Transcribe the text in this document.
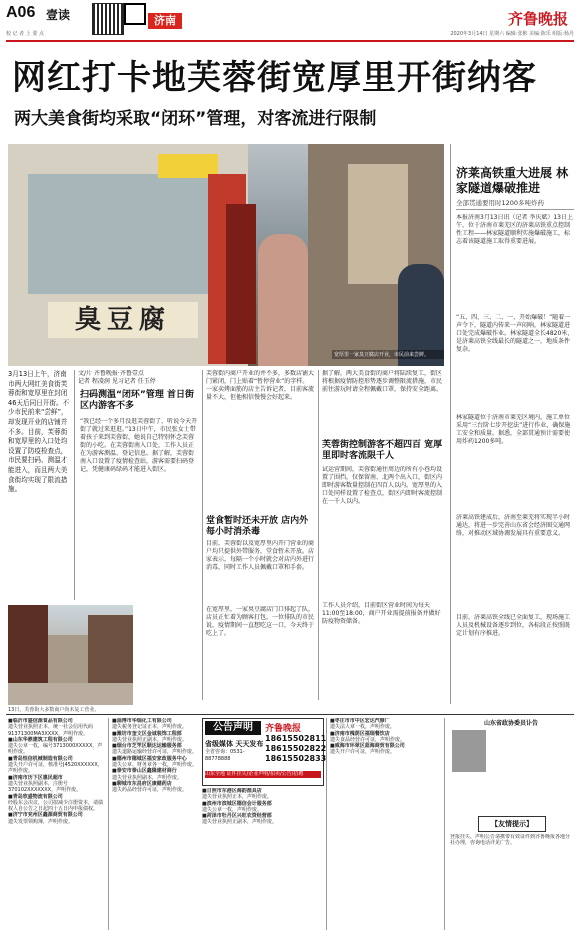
A06 壹读	济南	齐鲁晚报
校 记 者 上 要 点	2020年3月14日 星期六 编辑:张彬 美编:陈乐 组版:杨丹
网红打卡地芙蓉街宽厚里开街纳客
两大美食街均采取“闭环”管理，对客流进行限制

臭豆腐
宽厚里一家臭豆腐店开业，市民前来尝鲜。
3月13日上午，济南市两大网红美食街芙蓉街和宽厚里在封闭46天后同日开街。不少市民前来“尝鲜”，却发现开业的店铺并不多。目前，芙蓉街和宽厚里的入口处均设置了防疫检查点，市民要扫码、测温才能进入，而且两大美食街均实现了限流措施。
13日，芙蓉街大多数商户尚未复工营业。
文/片 齐鲁晚报·齐鲁壹点
记者 程凌润 见习记者 任玉停
扫码测温“闭环”管理 首日街区内游客不多
“我已经一个多月没逛芙蓉街了，听说今天开街了就过来逛逛。”13日中午，市民张女士带着孩子来到芙蓉街，她说自己特别怀念芙蓉街的小吃。在芙蓉街南入口处，工作人员正在为游客测温、登记信息。据了解，芙蓉街南入口设置了疫情检查站，游客需要扫码登记，凭健康码绿码才能进入街区。
芙蓉街内商户开业的并不多，多数店铺大门紧闭，门上贴着“暂停营业”的字样。一家卖烤面筋的店主告诉记者，目前客流量不大，但他相信慢慢会好起来。
堂食暂时还未开放 店内外每小时消杀毒
目前，芙蓉街以及宽厚里内开门营业的商户均只提供外带服务，堂食暂未开放。店家表示，每隔一个小时就会对店内外进行消毒，同时工作人员佩戴口罩和手套。
在宽厚里，一家臭豆腐店门口排起了队，店员正忙着为顾客打包。一位排队的市民说，疫情期间一直想吃这一口，今天终于吃上了。
据了解，两大美食街的商户将陆续复工，街区将根据疫情防控形势逐步调整限流措施，市民前往游玩时请全程佩戴口罩，保持安全距离。
芙蓉街控制游客不超四百 宽厚里即时客流限千人
试运营期间，芙蓉街通往周边的所有小巷均设置了围挡，仅保留南、北两个出入口，街区内即时游客数量控制在四百人以内。宽厚里的入口处同样设置了检查点，街区内即时客流控制在一千人以内。
工作人员介绍，目前街区营业时间为每天11:00至18:00，商户开业需提前报备并做好防疫物资储备。
济莱高铁重大进展 林家隧道爆破推进
全部贯通要用时1200多吨炸药
本报济南3月13日讯（记者 李庆斌）13日上午，位于济南市莱芜区的济莱高铁重点控制性工程——林家隧道顺利实施爆破施工，标志着该隧道施工取得重要进展。
“五、四、三、二、一，开始爆破！”随着一声令下，隧道内传来一声闷响，林家隧道进口处完成爆破作业。林家隧道全长4820米，是济莱高铁全线最长的隧道之一，地质条件复杂。
林家隧道位于济南市莱芜区境内，施工单位采用“三台阶七步开挖法”进行作业，确保施工安全和质量。据悉，全部贯通预计需要使用炸药1200多吨。
济莱高铁建成后，济南至莱芜将实现半小时通达，将进一步完善山东省会经济圈交通网络，对推动区域协调发展具有重要意义。
目前，济莱高铁全线已全面复工，现场施工人员及机械设备逐步到位，各标段正按照既定计划有序推进。
■临沂市盛信源食品有限公司
遗失营业执照正本，统一社会信用代码91371300MA3XXXX，声明作废。
■山东华鼎建筑工程有限公司
遗失公章一枚，编号3713000XXXXX，声明作废。
■青岛恒信机械制造有限公司
遗失开户许可证，核准号J4520XXXXXX，声明作废。
■济南市历下区惠民超市
遗失营业执照副本，注册号370102XXXXXXX，声明作废。
■青岛欣盛物流有限公司
经股东会决议，公司拟减少注册资本，请债权人自公告之日起四十五日内申报债权。
■济宁市兖州区鑫源商贸有限公司
遗失发票领购簿，声明作废。
■淄博市华瑞化工有限公司
遗失税务登记证正本，声明作废。
■潍坊市奎文区金诚装饰工程部
遗失营业执照正副本，声明作废。
■烟台市芝罘区顺达运输服务部
遗失道路运输经营许可证，声明作废。
■德州市德城区福安家政服务中心
遗失公章、财务章各一枚，声明作废。
■泰安市泰山区鑫隆建材商行
遗失营业执照副本，声明作废。
■聊城市东昌府区康健药店
遗失药品经营许可证，声明作废。
公告声明	齐鲁晚报
省级媒体 天天发布
18615502811
18615502822
18615502833
全省咨询：0531-88778888
山东全地 证件挂失/企业声明/拍卖/公告/招聘
■日照市东港区海韵渔具店
遗失营业执照正本，声明作废。
■滨州市滨城区德信会计服务部
遗失公章一枚，声明作废。
■菏泽市牡丹区兴旺农资经营部
遗失营业执照正副本，声明作废。
■枣庄市市中区宏达汽修厂
遗失法人章一枚，声明作废。
■济南市槐荫区福瑞餐饮店
遗失食品经营许可证，声明作废。
■威海市环翠区蓝海商贸有限公司
遗失开户许可证，声明作废。
山东省政协委员讣告
【友情提示】
登报挂失、声明公告请携带有效证件到齐鲁晚报各地分社办理，咨询电话详见广告。
